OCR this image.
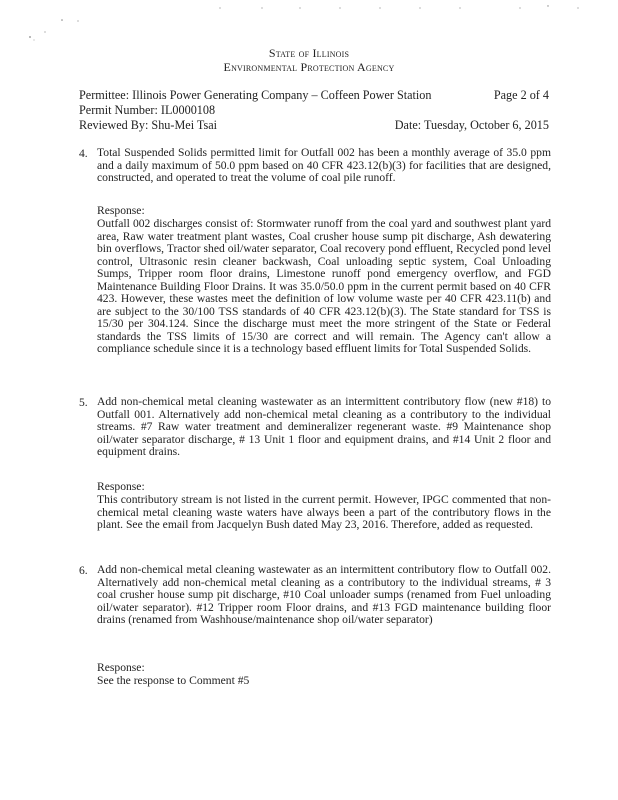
State of Illinois
Environmental Protection Agency
Permittee: Illinois Power Generating Company – Coffeen Power Station	Page 2 of 4
Permit Number: IL0000108
Reviewed By: Shu-Mei Tsai	Date: Tuesday, October 6, 2015
4. Total Suspended Solids permitted limit for Outfall 002 has been a monthly average of 35.0 ppm and a daily maximum of 50.0 ppm based on 40 CFR 423.12(b)(3) for facilities that are designed, constructed, and operated to treat the volume of coal pile runoff.
Response:
Outfall 002 discharges consist of: Stormwater runoff from the coal yard and southwest plant yard area, Raw water treatment plant wastes, Coal crusher house sump pit discharge, Ash dewatering bin overflows, Tractor shed oil/water separator, Coal recovery pond effluent, Recycled pond level control, Ultrasonic resin cleaner backwash, Coal unloading septic system, Coal Unloading Sumps, Tripper room floor drains, Limestone runoff pond emergency overflow, and FGD Maintenance Building Floor Drains. It was 35.0/50.0 ppm in the current permit based on 40 CFR 423. However, these wastes meet the definition of low volume waste per 40 CFR 423.11(b) and are subject to the 30/100 TSS standards of 40 CFR 423.12(b)(3). The State standard for TSS is 15/30 per 304.124. Since the discharge must meet the more stringent of the State or Federal standards the TSS limits of 15/30 are correct and will remain. The Agency can't allow a compliance schedule since it is a technology based effluent limits for Total Suspended Solids.
5. Add non-chemical metal cleaning wastewater as an intermittent contributory flow (new #18) to Outfall 001. Alternatively add non-chemical metal cleaning as a contributory to the individual streams. #7 Raw water treatment and demineralizer regenerant waste. #9 Maintenance shop oil/water separator discharge, # 13 Unit 1 floor and equipment drains, and #14 Unit 2 floor and equipment drains.
Response:
This contributory stream is not listed in the current permit. However, IPGC commented that non-chemical metal cleaning waste waters have always been a part of the contributory flows in the plant. See the email from Jacquelyn Bush dated May 23, 2016. Therefore, added as requested.
6. Add non-chemical metal cleaning wastewater as an intermittent contributory flow to Outfall 002. Alternatively add non-chemical metal cleaning as a contributory to the individual streams, # 3 coal crusher house sump pit discharge, #10 Coal unloader sumps (renamed from Fuel unloading oil/water separator). #12 Tripper room Floor drains, and #13 FGD maintenance building floor drains (renamed from Washhouse/maintenance shop oil/water separator)
Response:
See the response to Comment #5
